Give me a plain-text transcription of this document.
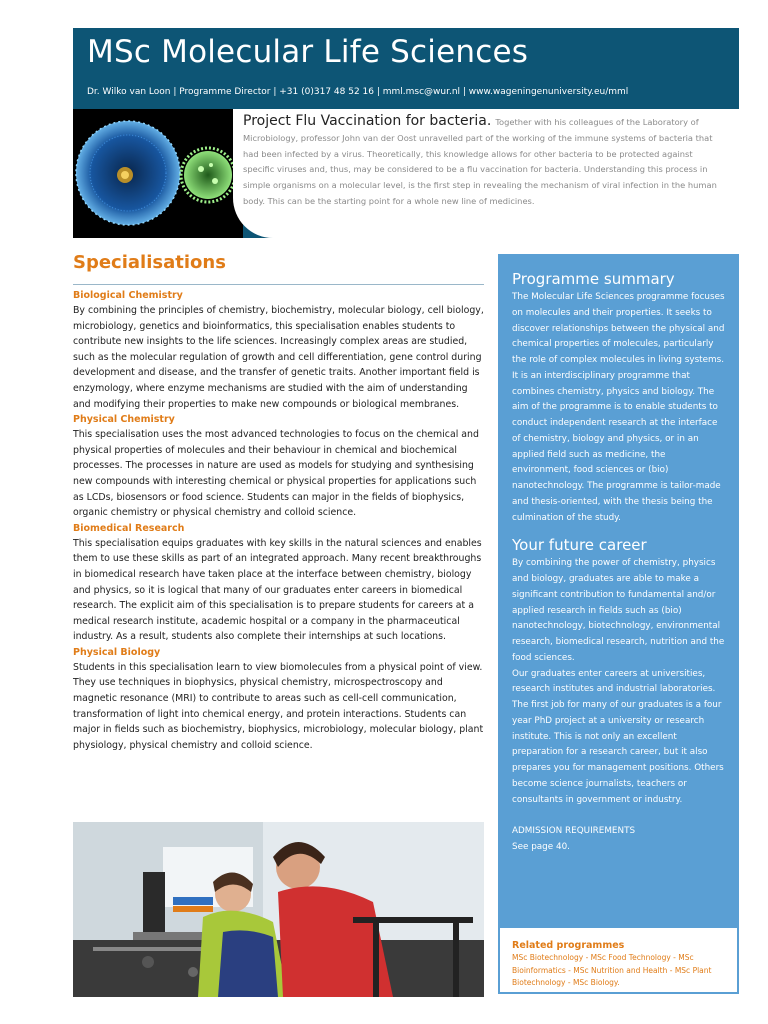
MSc Molecular Life Sciences
Dr. Wilko van Loon | Programme Director | +31 (0)317 48 52 16 | mml.msc@wur.nl | www.wageningenuniversity.eu/mml
Project Flu Vaccination for bacteria. Together with his colleagues of the Laboratory of Microbiology, professor John van der Oost unravelled part of the working of the immune systems of bacteria that had been infected by a virus. Theoretically, this knowledge allows for other bacteria to be protected against specific viruses and, thus, may be considered to be a flu vaccination for bacteria. Understanding this process in simple organisms on a molecular level, is the first step in revealing the mechanism of viral infection in the human body. This can be the starting point for a whole new line of medicines.
Specialisations
Biological Chemistry

By combining the principles of chemistry, biochemistry, molecular biology, cell biology, microbiology, genetics and bioinformatics, this specialisation enables students to contribute new insights to the life sciences. Increasingly complex areas are studied, such as the molecular regulation of growth and cell differentiation, gene control during development and disease, and the transfer of genetic traits. Another important field is enzymology, where enzyme mechanisms are studied with the aim of understanding and modifying their properties to make new compounds or biological membranes.

Physical Chemistry

This specialisation uses the most advanced technologies to focus on the chemical and physical properties of molecules and their behaviour in chemical and biochemical processes. The processes in nature are used as models for studying and synthesising new compounds with interesting chemical or physical properties for applications such as LCDs, biosensors or food science. Students can major in the fields of biophysics, organic chemistry or physical chemistry and colloid science.

Biomedical Research

This specialisation equips graduates with key skills in the natural sciences and enables them to use these skills as part of an integrated approach. Many recent breakthroughs in biomedical research have taken place at the interface between chemistry, biology and physics, so it is logical that many of our graduates enter careers in biomedical research. The explicit aim of this specialisation is to prepare students for careers at a medical research institute, academic hospital or a company in the pharmaceutical industry. As a result, students also complete their internships at such locations.

Physical Biology

Students in this specialisation learn to view biomolecules from a physical point of view. They use techniques in biophysics, physical chemistry, microspectroscopy and magnetic resonance (MRI) to contribute to areas such as cell-cell communication, transformation of light into chemical energy, and protein interactions. Students can major in fields such as biochemistry, biophysics, microbiology, molecular biology, plant physiology, physical chemistry and colloid science.

Programme summary

The Molecular Life Sciences programme focuses on molecules and their properties. It seeks to discover relationships between the physical and chemical properties of molecules, particularly the role of complex molecules in living systems. It is an interdisciplinary programme that combines chemistry, physics and biology. The aim of the programme is to enable students to conduct independent research at the interface of chemistry, biology and physics, or in an applied field such as medicine, the environment, food sciences or (bio) nanotechnology. The programme is tailor-made and thesis-oriented, with the thesis being the culmination of the study.

Your future career

By combining the power of chemistry, physics and biology, graduates are able to make a significant contribution to fundamental and/or applied research in fields such as (bio) nanotechnology, biotechnology, environmental research, biomedical research, nutrition and the food sciences.

Our graduates enter careers at universities, research institutes and industrial laboratories. The first job for many of our graduates is a four year PhD project at a university or research institute. This is not only an excellent preparation for a research career, but it also prepares you for management positions. Others become science journalists, teachers or consultants in government or industry.

ADMISSION REQUIREMENTS

See page 40.

Related programmes
MSc Biotechnology - MSc Food Technology - MSc Bioinformatics - MSc Nutrition and Health - MSc Plant Biotechnology - MSc Biology.
